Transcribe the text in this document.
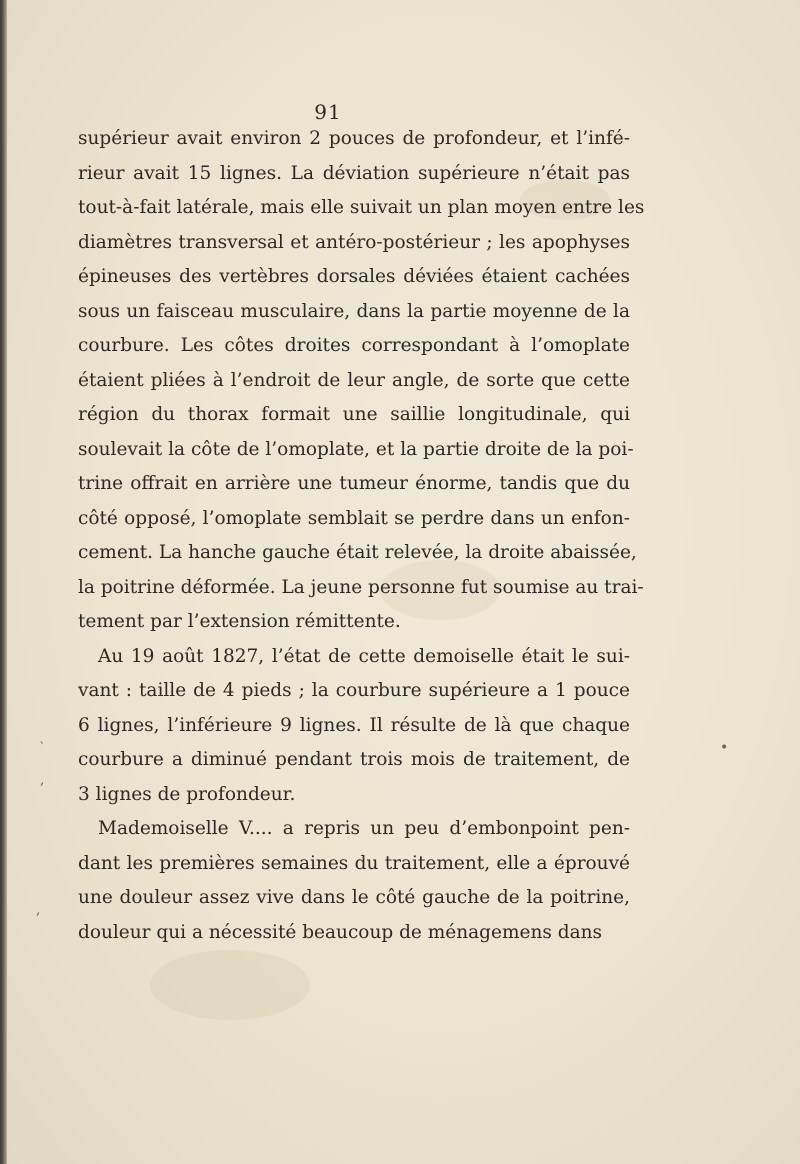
‵
,
,
•
91
supérieur avait environ 2 pouces de profondeur, et l’infé-
rieur avait 15 lignes. La déviation supérieure n’était pas
tout-à-fait latérale, mais elle suivait un plan moyen entre les
diamètres transversal et antéro-postérieur ; les apophyses
épineuses des vertèbres dorsales déviées étaient cachées
sous un faisceau musculaire, dans la partie moyenne de la
courbure. Les côtes droites correspondant à l’omoplate
étaient pliées à l’endroit de leur angle, de sorte que cette
région du thorax formait une saillie longitudinale, qui
soulevait la côte de l’omoplate, et la partie droite de la poi-
trine offrait en arrière une tumeur énorme, tandis que du
côté opposé, l’omoplate semblait se perdre dans un enfon-
cement. La hanche gauche était relevée, la droite abaissée,
la poitrine déformée. La jeune personne fut soumise au trai-
tement par l’extension rémittente.
Au 19 août 1827, l’état de cette demoiselle était le sui-
vant : taille de 4 pieds ; la courbure supérieure a 1 pouce
6 lignes, l’inférieure 9 lignes. Il résulte de là que chaque
courbure a diminué pendant trois mois de traitement, de
3 lignes de profondeur.
Mademoiselle V.... a repris un peu d’embonpoint pen-
dant les premières semaines du traitement, elle a éprouvé
une douleur assez vive dans le côté gauche de la poitrine,
douleur qui a nécessité beaucoup de ménagemens dans
